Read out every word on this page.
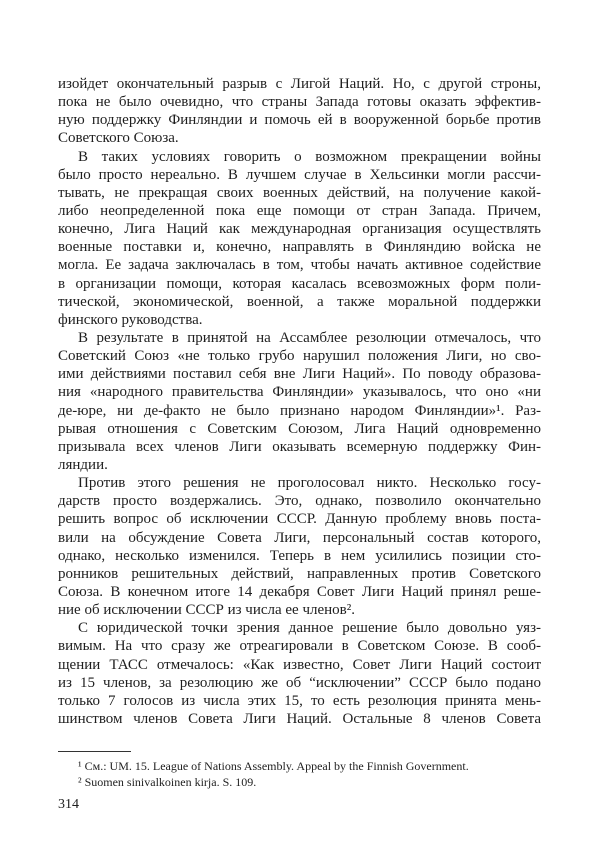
изойдет окончательный разрыв с Лигой Наций. Но, с другой строны,
пока не было очевидно, что страны Запада готовы оказать эффектив-
ную поддержку Финляндии и помочь ей в вооруженной борьбе против
Советского Союза.
В таких условиях говорить о возможном прекращении войны
было просто нереально. В лучшем случае в Хельсинки могли рассчи-
тывать, не прекращая своих военных действий, на получение какой-
либо неопределенной пока еще помощи от стран Запада. Причем,
конечно, Лига Наций как международная организация осуществлять
военные поставки и, конечно, направлять в Финляндию войска не
могла. Ее задача заключалась в том, чтобы начать активное содействие
в организации помощи, которая касалась всевозможных форм поли-
тической, экономической, военной, а также моральной поддержки
финского руководства.
В результате в принятой на Ассамблее резолюции отмечалось, что
Советский Союз «не только грубо нарушил положения Лиги, но сво-
ими действиями поставил себя вне Лиги Наций». По поводу образова-
ния «народного правительства Финляндии» указывалось, что оно «ни
де-юре, ни де-факто не было признано народом Финляндии»¹. Раз-
рывая отношения с Советским Союзом, Лига Наций одновременно
призывала всех членов Лиги оказывать всемерную поддержку Фин-
ляндии.
Против этого решения не проголосовал никто. Несколько госу-
дарств просто воздержались. Это, однако, позволило окончательно
решить вопрос об исключении СССР. Данную проблему вновь поста-
вили на обсуждение Совета Лиги, персональный состав которого,
однако, несколько изменился. Теперь в нем усилились позиции сто-
ронников решительных действий, направленных против Советского
Союза. В конечном итоге 14 декабря Совет Лиги Наций принял реше-
ние об исключении СССР из числа ее членов².
С юридической точки зрения данное решение было довольно уяз-
вимым. На что сразу же отреагировали в Советском Союзе. В сооб-
щении ТАСС отмечалось: «Как известно, Совет Лиги Наций состоит
из 15 членов, за резолюцию же об “исключении” СССР было подано
только 7 голосов из числа этих 15, то есть резолюция принята мень-
шинством членов Совета Лиги Наций. Остальные 8 членов Совета
¹ См.: UM. 15. League of Nations Assembly. Appeal by the Finnish Government.
² Suomen sinivalkoinen kirja. S. 109.
314
